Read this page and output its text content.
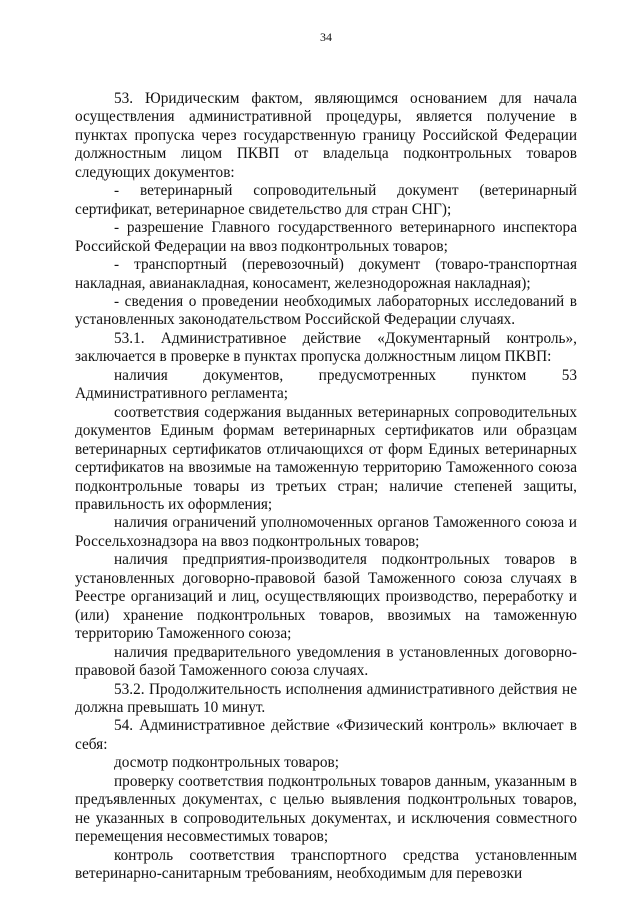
34

53. Юридическим фактом, являющимся основанием для начала осуществления административной процедуры, является получение в пунктах пропуска через государственную границу Российской Федерации должностным лицом ПКВП от владельца подконтрольных товаров следующих документов:

- ветеринарный сопроводительный документ (ветеринарный сертификат, ветеринарное свидетельство для стран СНГ);

- разрешение Главного государственного ветеринарного инспектора Российской Федерации на ввоз подконтрольных товаров;

- транспортный (перевозочный) документ (товаро-транспортная накладная, авианакладная, коносамент, железнодорожная накладная);

- сведения о проведении необходимых лабораторных исследований в установленных законодательством Российской Федерации случаях.

53.1. Административное действие «Документарный контроль», заключается в проверке в пунктах пропуска должностным лицом ПКВП:

наличия документов, предусмотренных пунктом 53 Административного регламента;

соответствия содержания выданных ветеринарных сопроводительных документов Единым формам ветеринарных сертификатов или образцам ветеринарных сертификатов отличающихся от форм Единых ветеринарных сертификатов на ввозимые на таможенную территорию Таможенного союза подконтрольные товары из третьих стран; наличие степеней защиты, правильность их оформления;

наличия ограничений уполномоченных органов Таможенного союза и Россельхознадзора на ввоз подконтрольных товаров;

наличия предприятия-производителя подконтрольных товаров в установленных договорно-правовой базой Таможенного союза случаях в Реестре организаций и лиц, осуществляющих производство, переработку и (или) хранение подконтрольных товаров, ввозимых на таможенную территорию Таможенного союза;

наличия предварительного уведомления в установленных договорно-правовой базой Таможенного союза случаях.

53.2. Продолжительность исполнения административного действия не должна превышать 10 минут.

54. Административное действие «Физический контроль» включает в себя:

досмотр подконтрольных товаров;

проверку соответствия подконтрольных товаров данным, указанным в предъявленных документах, с целью выявления подконтрольных товаров, не указанных в сопроводительных документах, и исключения совместного перемещения несовместимых товаров;

контроль соответствия транспортного средства установленным ветеринарно-санитарным требованиям, необходимым для перевозки
